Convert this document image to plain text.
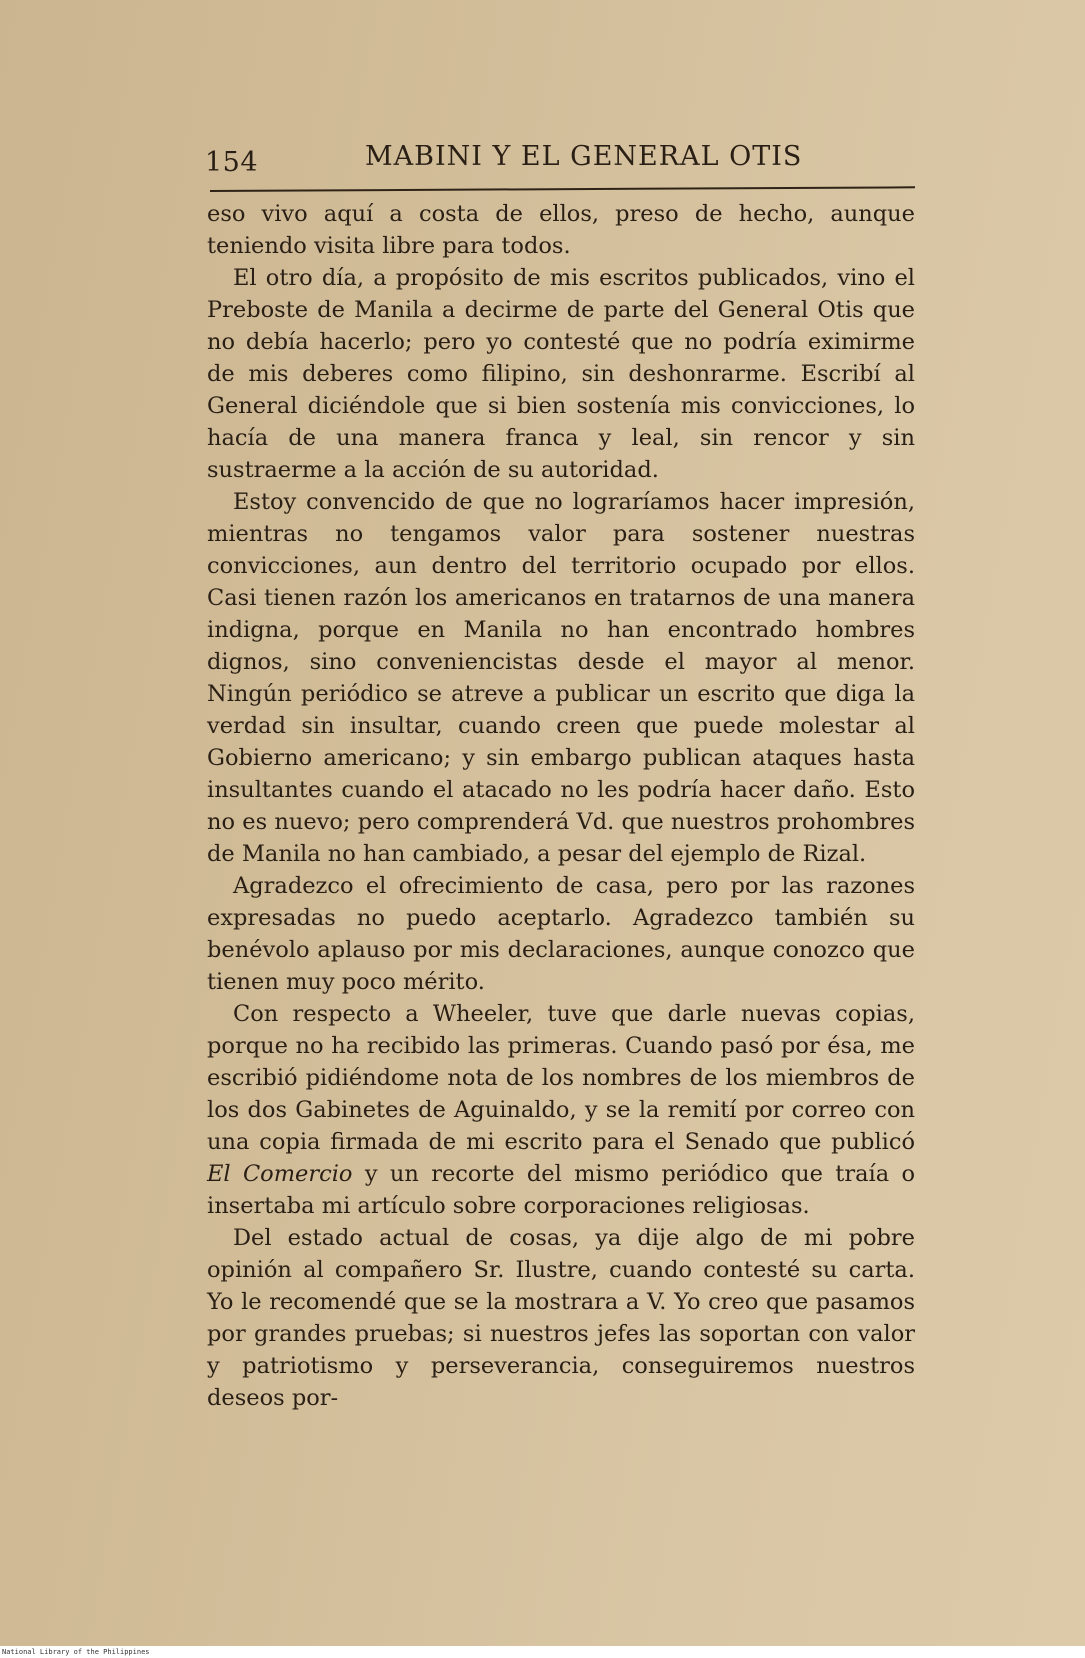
154	MABINI Y EL GENERAL OTIS

eso vivo aquí a costa de ellos, preso de hecho, aunque teniendo visita libre para todos.

El otro día, a propósito de mis escritos publicados, vino el Preboste de Manila a decirme de parte del General Otis que no debía hacerlo; pero yo contesté que no podría eximirme de mis deberes como filipino, sin deshonrarme. Escribí al General diciéndole que si bien sostenía mis convicciones, lo hacía de una manera franca y leal, sin rencor y sin sustraerme a la acción de su autoridad.

Estoy convencido de que no lograríamos hacer impresión, mientras no tengamos valor para sostener nuestras convicciones, aun dentro del territorio ocupado por ellos. Casi tienen razón los americanos en tratarnos de una manera indigna, porque en Manila no han encontrado hombres dignos, sino conveniencistas desde el mayor al menor. Ningún periódico se atreve a publicar un escrito que diga la verdad sin insultar, cuando creen que puede molestar al Gobierno americano; y sin embargo publican ataques hasta insultantes cuando el atacado no les podría hacer daño. Esto no es nuevo; pero comprenderá Vd. que nuestros prohombres de Manila no han cambiado, a pesar del ejemplo de Rizal.

Agradezco el ofrecimiento de casa, pero por las razones expresadas no puedo aceptarlo. Agradezco también su benévolo aplauso por mis declaraciones, aunque conozco que tienen muy poco mérito.

Con respecto a Wheeler, tuve que darle nuevas copias, porque no ha recibido las primeras. Cuando pasó por ésa, me escribió pidiéndome nota de los nombres de los miembros de los dos Gabinetes de Aguinaldo, y se la remití por correo con una copia firmada de mi escrito para el Senado que publicó El Comercio y un recorte del mismo periódico que traía o insertaba mi artículo sobre corporaciones religiosas.

Del estado actual de cosas, ya dije algo de mi pobre opinión al compañero Sr. Ilustre, cuando contesté su carta. Yo le recomendé que se la mostrara a V. Yo creo que pasamos por grandes pruebas; si nuestros jefes las soportan con valor y patriotismo y perseverancia, conseguiremos nuestros deseos por-

National Library of the Philippines
